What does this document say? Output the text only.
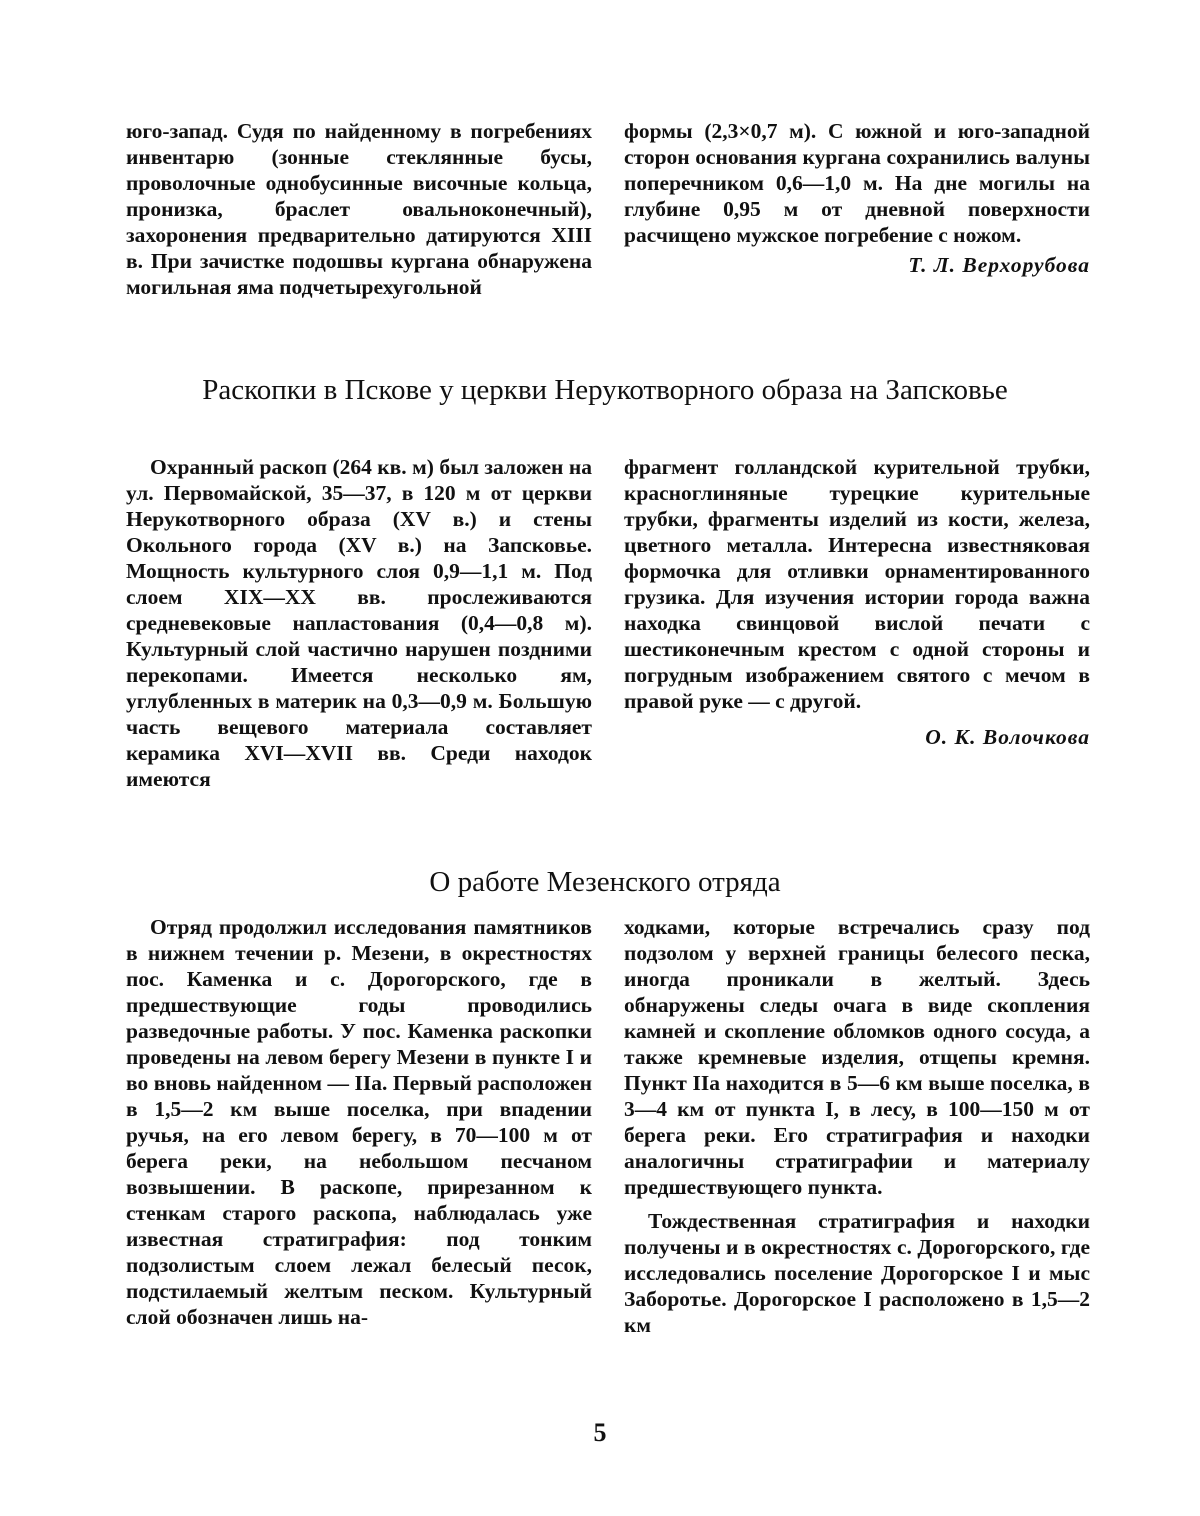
юго-запад. Судя по найденному в погребениях инвентарю (зонные стеклянные бусы, проволочные однобусинные височные кольца, пронизка, браслет овальноконечный), захоронения предварительно датируются XIII в. При зачистке подошвы кургана обнаружена могильная яма подчетырехугольной

формы (2,3×0,7 м). С южной и юго-западной сторон основания кургана сохранились валуны поперечником 0,6—1,0 м. На дне могилы на глубине 0,95 м от дневной поверхности расчищено мужское погребение с ножом.

Т. Л. Верхорубова

Раскопки в Пскове у церкви Нерукотворного образа на Запсковье

Охранный раскоп (264 кв. м) был заложен на ул. Первомайской, 35—37, в 120 м от церкви Нерукотворного образа (XV в.) и стены Окольного города (XV в.) на Запсковье. Мощность культурного слоя 0,9—1,1 м. Под слоем XIX—XX вв. прослеживаются средневековые напластования (0,4—0,8 м). Культурный слой частично нарушен поздними перекопами. Имеется несколько ям, углубленных в материк на 0,3—0,9 м. Большую часть вещевого материала составляет керамика XVI—XVII вв. Среди находок имеются

фрагмент голландской курительной трубки, красноглиняные турецкие курительные трубки, фрагменты изделий из кости, железа, цветного металла. Интересна известняковая формочка для отливки орнаментированного грузика. Для изучения истории города важна находка свинцовой вислой печати с шестиконечным крестом с одной стороны и погрудным изображением святого с мечом в правой руке — с другой.

О. К. Волочкова

О работе Мезенского отряда

Отряд продолжил исследования памятников в нижнем течении р. Мезени, в окрестностях пос. Каменка и с. Дорогорского, где в предшествующие годы проводились разведочные работы. У пос. Каменка раскопки проведены на левом берегу Мезени в пункте I и во вновь найденном — IIа. Первый расположен в 1,5—2 км выше поселка, при впадении ручья, на его левом берегу, в 70—100 м от берега реки, на небольшом песчаном возвышении. В раскопе, прирезанном к стенкам старого раскопа, наблюдалась уже известная стратиграфия: под тонким подзолистым слоем лежал белесый песок, подстилаемый желтым песком. Культурный слой обозначен лишь на-

ходками, которые встречались сразу под подзолом у верхней границы белесого песка, иногда проникали в желтый. Здесь обнаружены следы очага в виде скопления камней и скопление обломков одного сосуда, а также кремневые изделия, отщепы кремня. Пункт IIа находится в 5—6 км выше поселка, в 3—4 км от пункта I, в лесу, в 100—150 м от берега реки. Его стратиграфия и находки аналогичны стратиграфии и материалу предшествующего пункта.

Тождественная стратиграфия и находки получены и в окрестностях с. Дорогорского, где исследовались поселение Дорогорское I и мыс Заборотье. Дорогорское I расположено в 1,5—2 км

5
